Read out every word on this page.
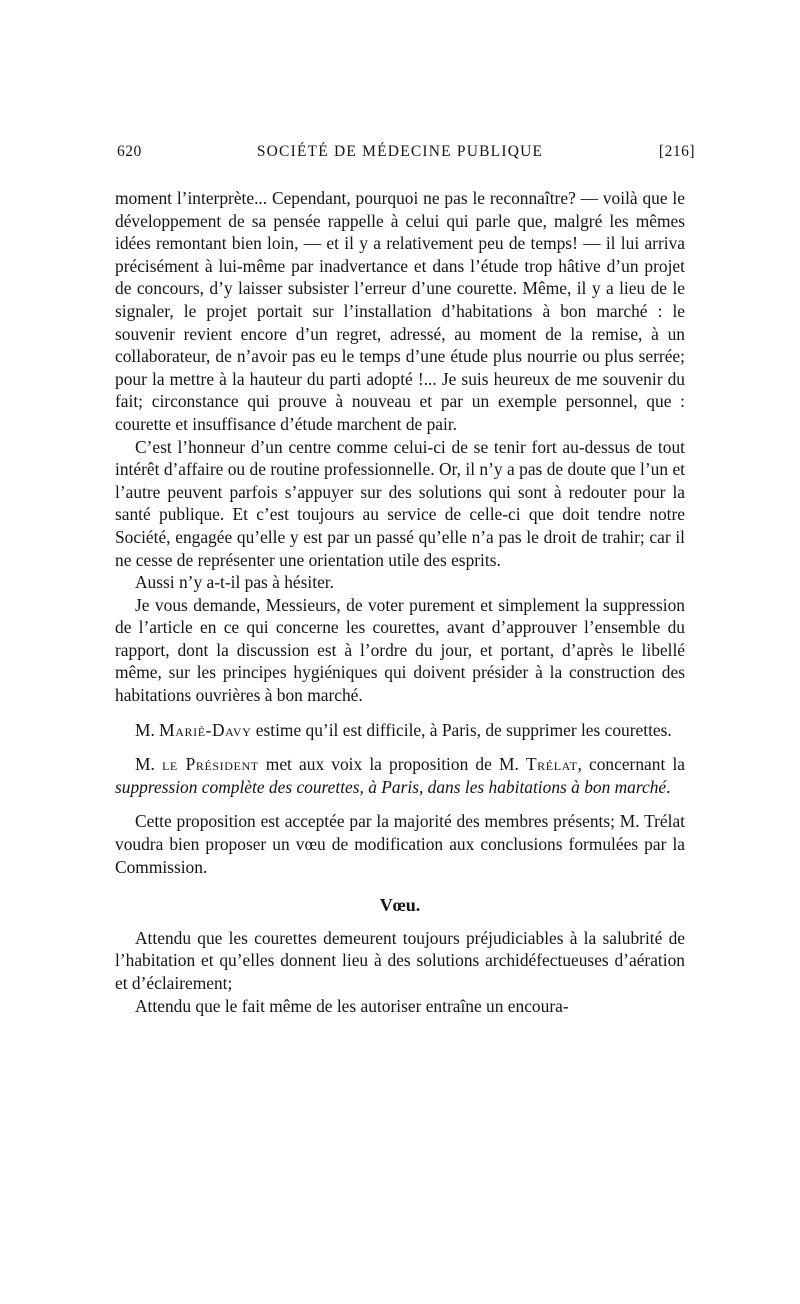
620	SOCIÉTÉ DE MÉDECINE PUBLIQUE	[216]

moment l’interprète... Cependant, pourquoi ne pas le reconnaître? — voilà que le développement de sa pensée rappelle à celui qui parle que, malgré les mêmes idées remontant bien loin, — et il y a relativement peu de temps! — il lui arriva précisément à lui-même par inadvertance et dans l’étude trop hâtive d’un projet de concours, d’y laisser subsister l’erreur d’une courette. Même, il y a lieu de le signaler, le projet portait sur l’installation d’habitations à bon marché : le souvenir revient encore d’un regret, adressé, au moment de la remise, à un collaborateur, de n’avoir pas eu le temps d’une étude plus nourrie ou plus serrée; pour la mettre à la hauteur du parti adopté !... Je suis heureux de me souvenir du fait; circonstance qui prouve à nouveau et par un exemple personnel, que : courette et insuffisance d’étude marchent de pair.

C’est l’honneur d’un centre comme celui-ci de se tenir fort au-dessus de tout intérêt d’affaire ou de routine professionnelle. Or, il n’y a pas de doute que l’un et l’autre peuvent parfois s’appuyer sur des solutions qui sont à redouter pour la santé publique. Et c’est toujours au service de celle-ci que doit tendre notre Société, engagée qu’elle y est par un passé qu’elle n’a pas le droit de trahir; car il ne cesse de représenter une orientation utile des esprits.

Aussi n’y a-t-il pas à hésiter.

Je vous demande, Messieurs, de voter purement et simplement la suppression de l’article en ce qui concerne les courettes, avant d’approuver l’ensemble du rapport, dont la discussion est à l’ordre du jour, et portant, d’après le libellé même, sur les principes hygiéniques qui doivent présider à la construction des habitations ouvrières à bon marché.

M. Marié-Davy estime qu’il est difficile, à Paris, de supprimer les courettes.

M. le Président met aux voix la proposition de M. Trélat, concernant la suppression complète des courettes, à Paris, dans les habitations à bon marché.

Cette proposition est acceptée par la majorité des membres présents; M. Trélat voudra bien proposer un vœu de modification aux conclusions formulées par la Commission.

Vœu.

Attendu que les courettes demeurent toujours préjudiciables à la salubrité de l’habitation et qu’elles donnent lieu à des solutions archidéfectueuses d’aération et d’éclairement;

Attendu que le fait même de les autoriser entraîne un encoura-
